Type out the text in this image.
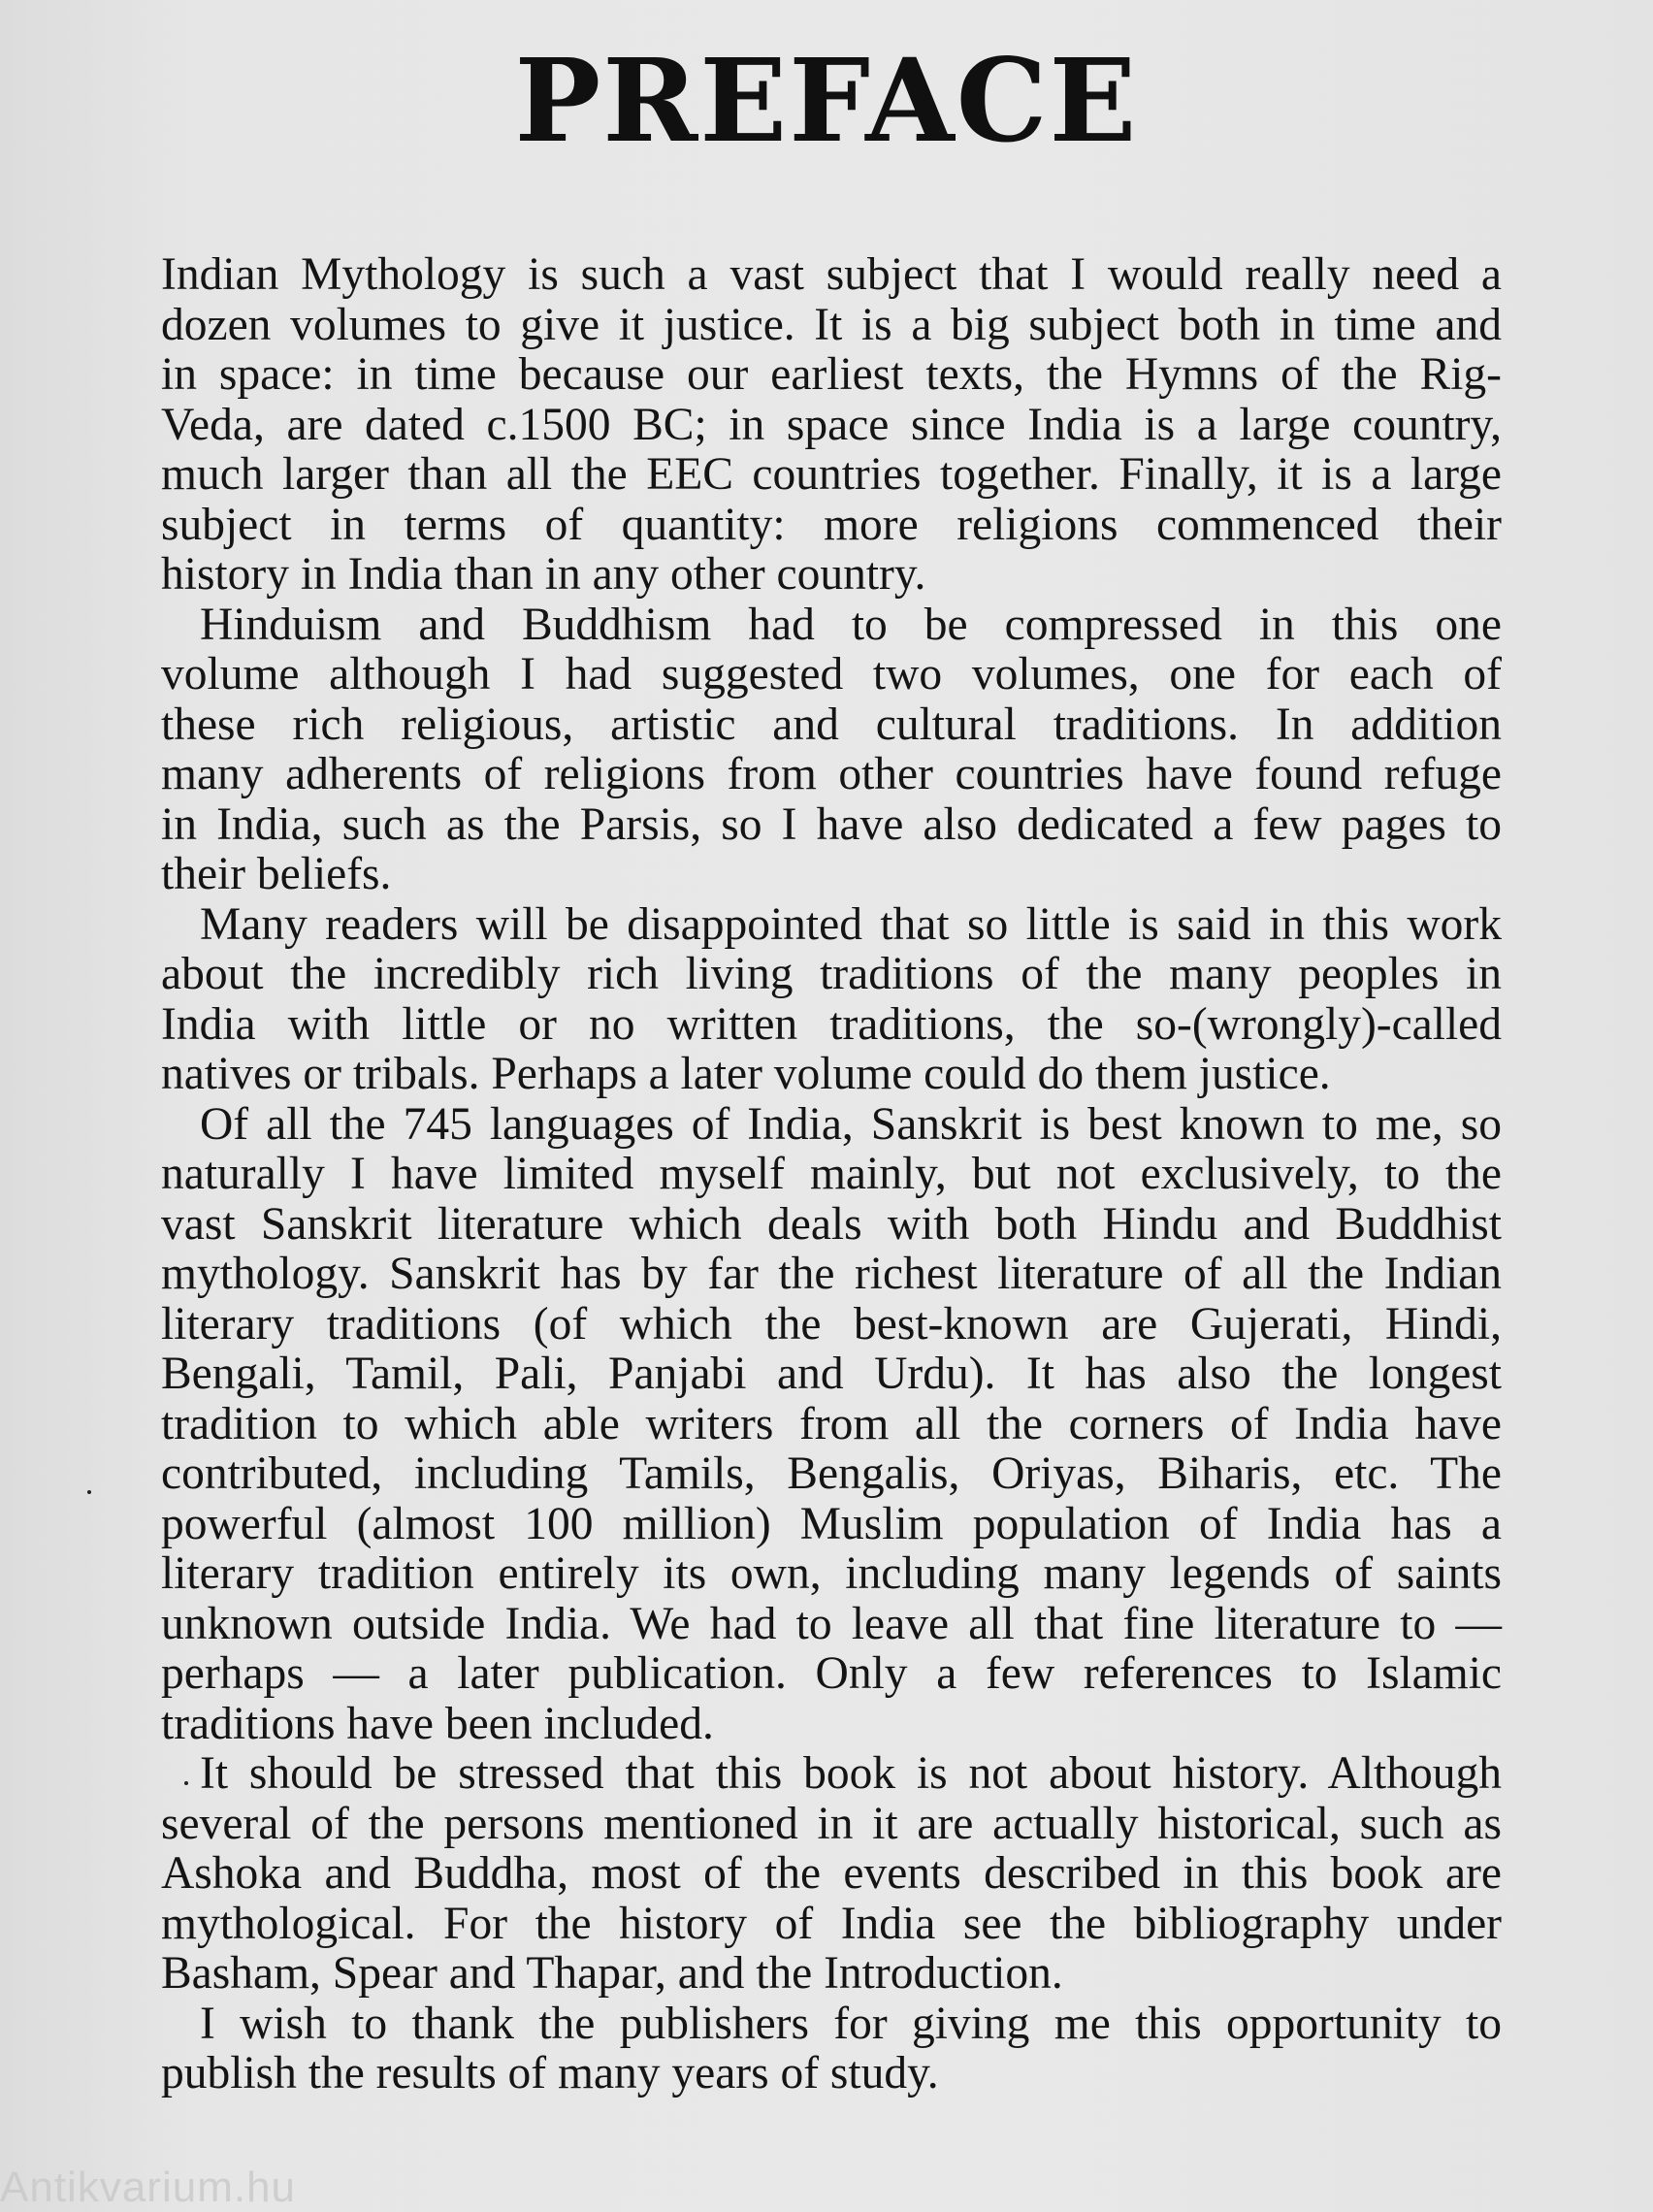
PREFACE

Indian Mythology is such a vast subject that I would really need a
dozen volumes to give it justice. It is a big subject both in time and
in space: in time because our earliest texts, the Hymns of the Rig-
Veda, are dated c.1500 BC; in space since India is a large country,
much larger than all the EEC countries together. Finally, it is a large
subject in terms of quantity: more religions commenced their
history in India than in any other country.

Hinduism and Buddhism had to be compressed in this one
volume although I had suggested two volumes, one for each of
these rich religious, artistic and cultural traditions. In addition
many adherents of religions from other countries have found refuge
in India, such as the Parsis, so I have also dedicated a few pages to
their beliefs.

Many readers will be disappointed that so little is said in this work
about the incredibly rich living traditions of the many peoples in
India with little or no written traditions, the so-(wrongly)-called
natives or tribals. Perhaps a later volume could do them justice.

Of all the 745 languages of India, Sanskrit is best known to me, so
naturally I have limited myself mainly, but not exclusively, to the
vast Sanskrit literature which deals with both Hindu and Buddhist
mythology. Sanskrit has by far the richest literature of all the Indian
literary traditions (of which the best-known are Gujerati, Hindi,
Bengali, Tamil, Pali, Panjabi and Urdu). It has also the longest
tradition to which able writers from all the corners of India have
contributed, including Tamils, Bengalis, Oriyas, Biharis, etc. The
powerful (almost 100 million) Muslim population of India has a
literary tradition entirely its own, including many legends of saints
unknown outside India. We had to leave all that fine literature to —
perhaps — a later publication. Only a few references to Islamic
traditions have been included.

It should be stressed that this book is not about history. Although
several of the persons mentioned in it are actually historical, such as
Ashoka and Buddha, most of the events described in this book are
mythological. For the history of India see the bibliography under
Basham, Spear and Thapar, and the Introduction.

I wish to thank the publishers for giving me this opportunity to
publish the results of many years of study.

Antikvarium.hu
